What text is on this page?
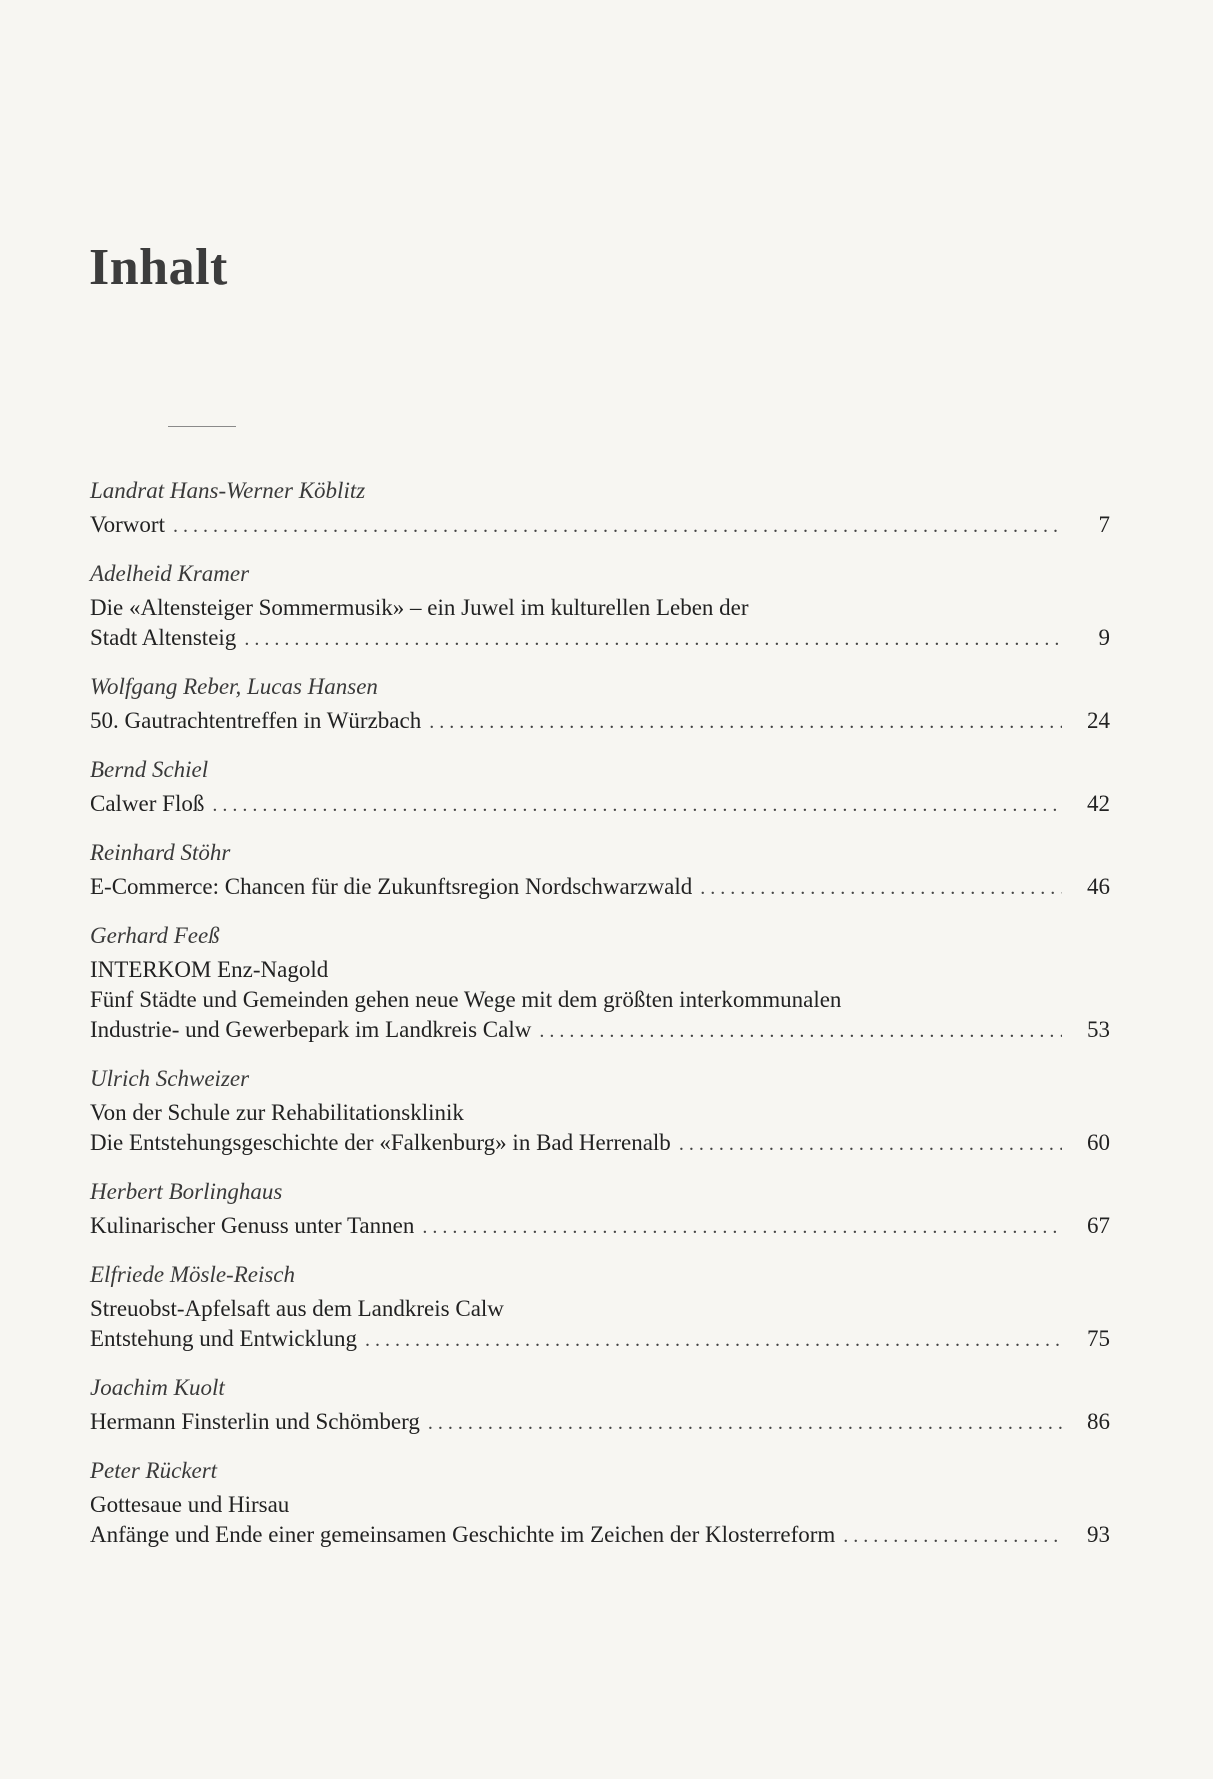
Inhalt
Landrat Hans-Werner Köblitz
Vorwort . . .	7
Adelheid Kramer
Die «Altensteiger Sommermusik» – ein Juwel im kulturellen Leben der
Stadt Altensteig . . .	9
Wolfgang Reber, Lucas Hansen
50. Gautrachtentreffen in Würzbach . . .	24
Bernd Schiel
Calwer Floß . . .	42
Reinhard Stöhr
E-Commerce: Chancen für die Zukunftsregion Nordschwarzwald . . .	46
Gerhard Feeß
INTERKOM Enz-Nagold
Fünf Städte und Gemeinden gehen neue Wege mit dem größten interkommunalen
Industrie- und Gewerbepark im Landkreis Calw . . .	53
Ulrich Schweizer
Von der Schule zur Rehabilitationsklinik
Die Entstehungsgeschichte der «Falkenburg» in Bad Herrenalb . . .	60
Herbert Borlinghaus
Kulinarischer Genuss unter Tannen . . .	67
Elfriede Mösle-Reisch
Streuobst-Apfelsaft aus dem Landkreis Calw
Entstehung und Entwicklung . . .	75
Joachim Kuolt
Hermann Finsterlin und Schömberg . . .	86
Peter Rückert
Gottesaue und Hirsau
Anfänge und Ende einer gemeinsamen Geschichte im Zeichen der Klosterreform . . .	93
